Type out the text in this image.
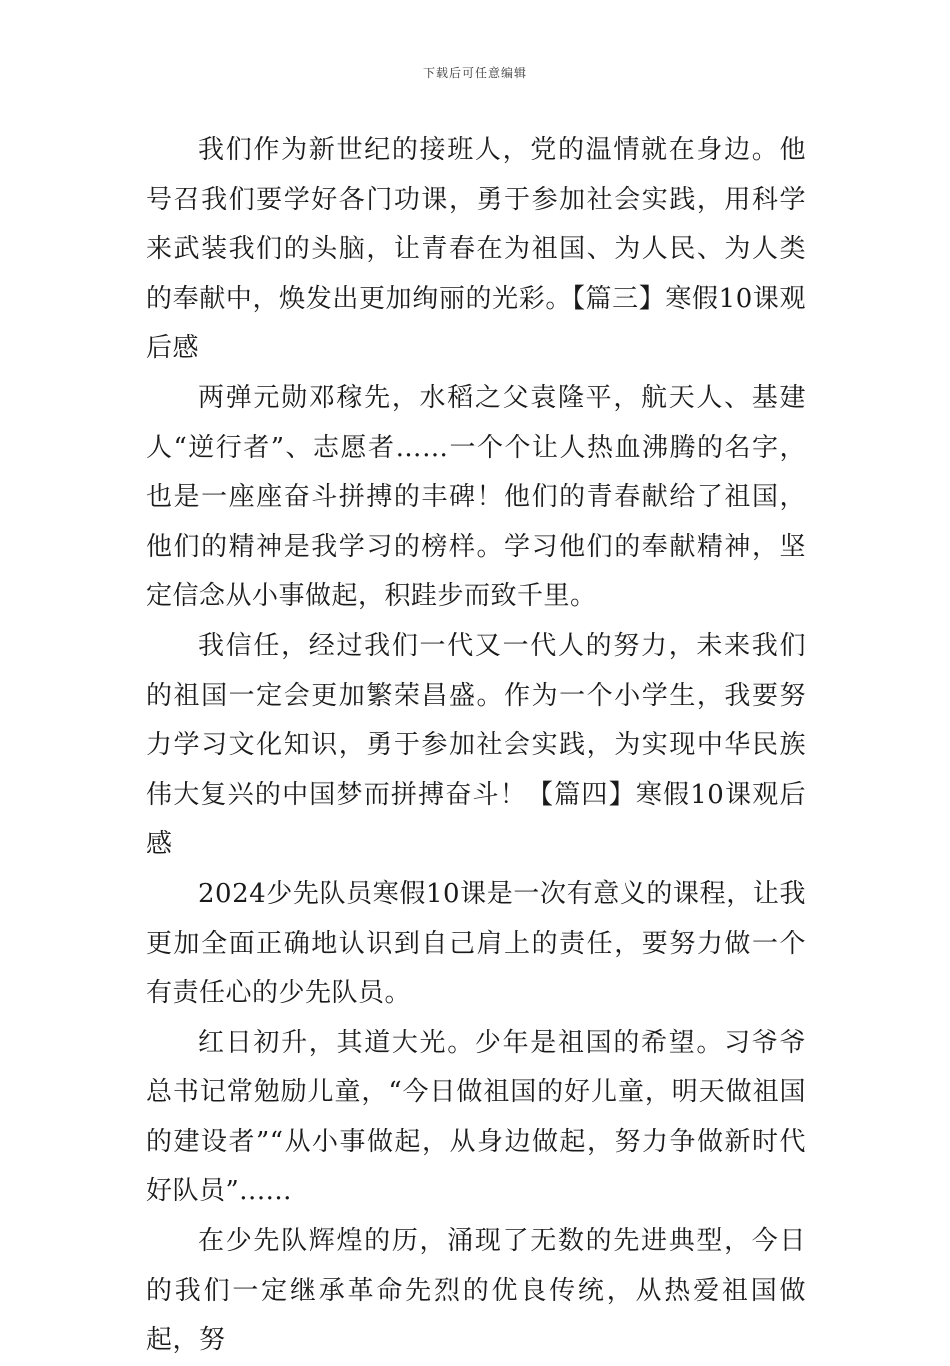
下载后可任意编辑

我们作为新世纪的接班人，党的温情就在身边。他号召我们要学好各门功课，勇于参加社会实践，用科学来武装我们的头脑，让青春在为祖国、为人民、为人类的奉献中，焕发出更加绚丽的光彩。【篇三】寒假10课观后感

两弹元勋邓稼先，水稻之父袁隆平，航天人、基建人“逆行者”、志愿者……一个个让人热血沸腾的名字，也是一座座奋斗拼搏的丰碑！他们的青春献给了祖国，他们的精神是我学习的榜样。学习他们的奉献精神，坚定信念从小事做起，积跬步而致千里。

我信任，经过我们一代又一代人的努力，未来我们的祖国一定会更加繁荣昌盛。作为一个小学生，我要努力学习文化知识，勇于参加社会实践，为实现中华民族伟大复兴的中国梦而拼搏奋斗！【篇四】寒假10课观后感

2024少先队员寒假10课是一次有意义的课程，让我更加全面正确地认识到自己肩上的责任，要努力做一个有责任心的少先队员。

红日初升，其道大光。少年是祖国的希望。习爷爷总书记常勉励儿童，“今日做祖国的好儿童，明天做祖国的建设者”“从小事做起，从身边做起，努力争做新时代好队员”......

在少先队辉煌的历，涌现了无数的先进典型，今日的我们一定继承革命先烈的优良传统，从热爱祖国做起，努
